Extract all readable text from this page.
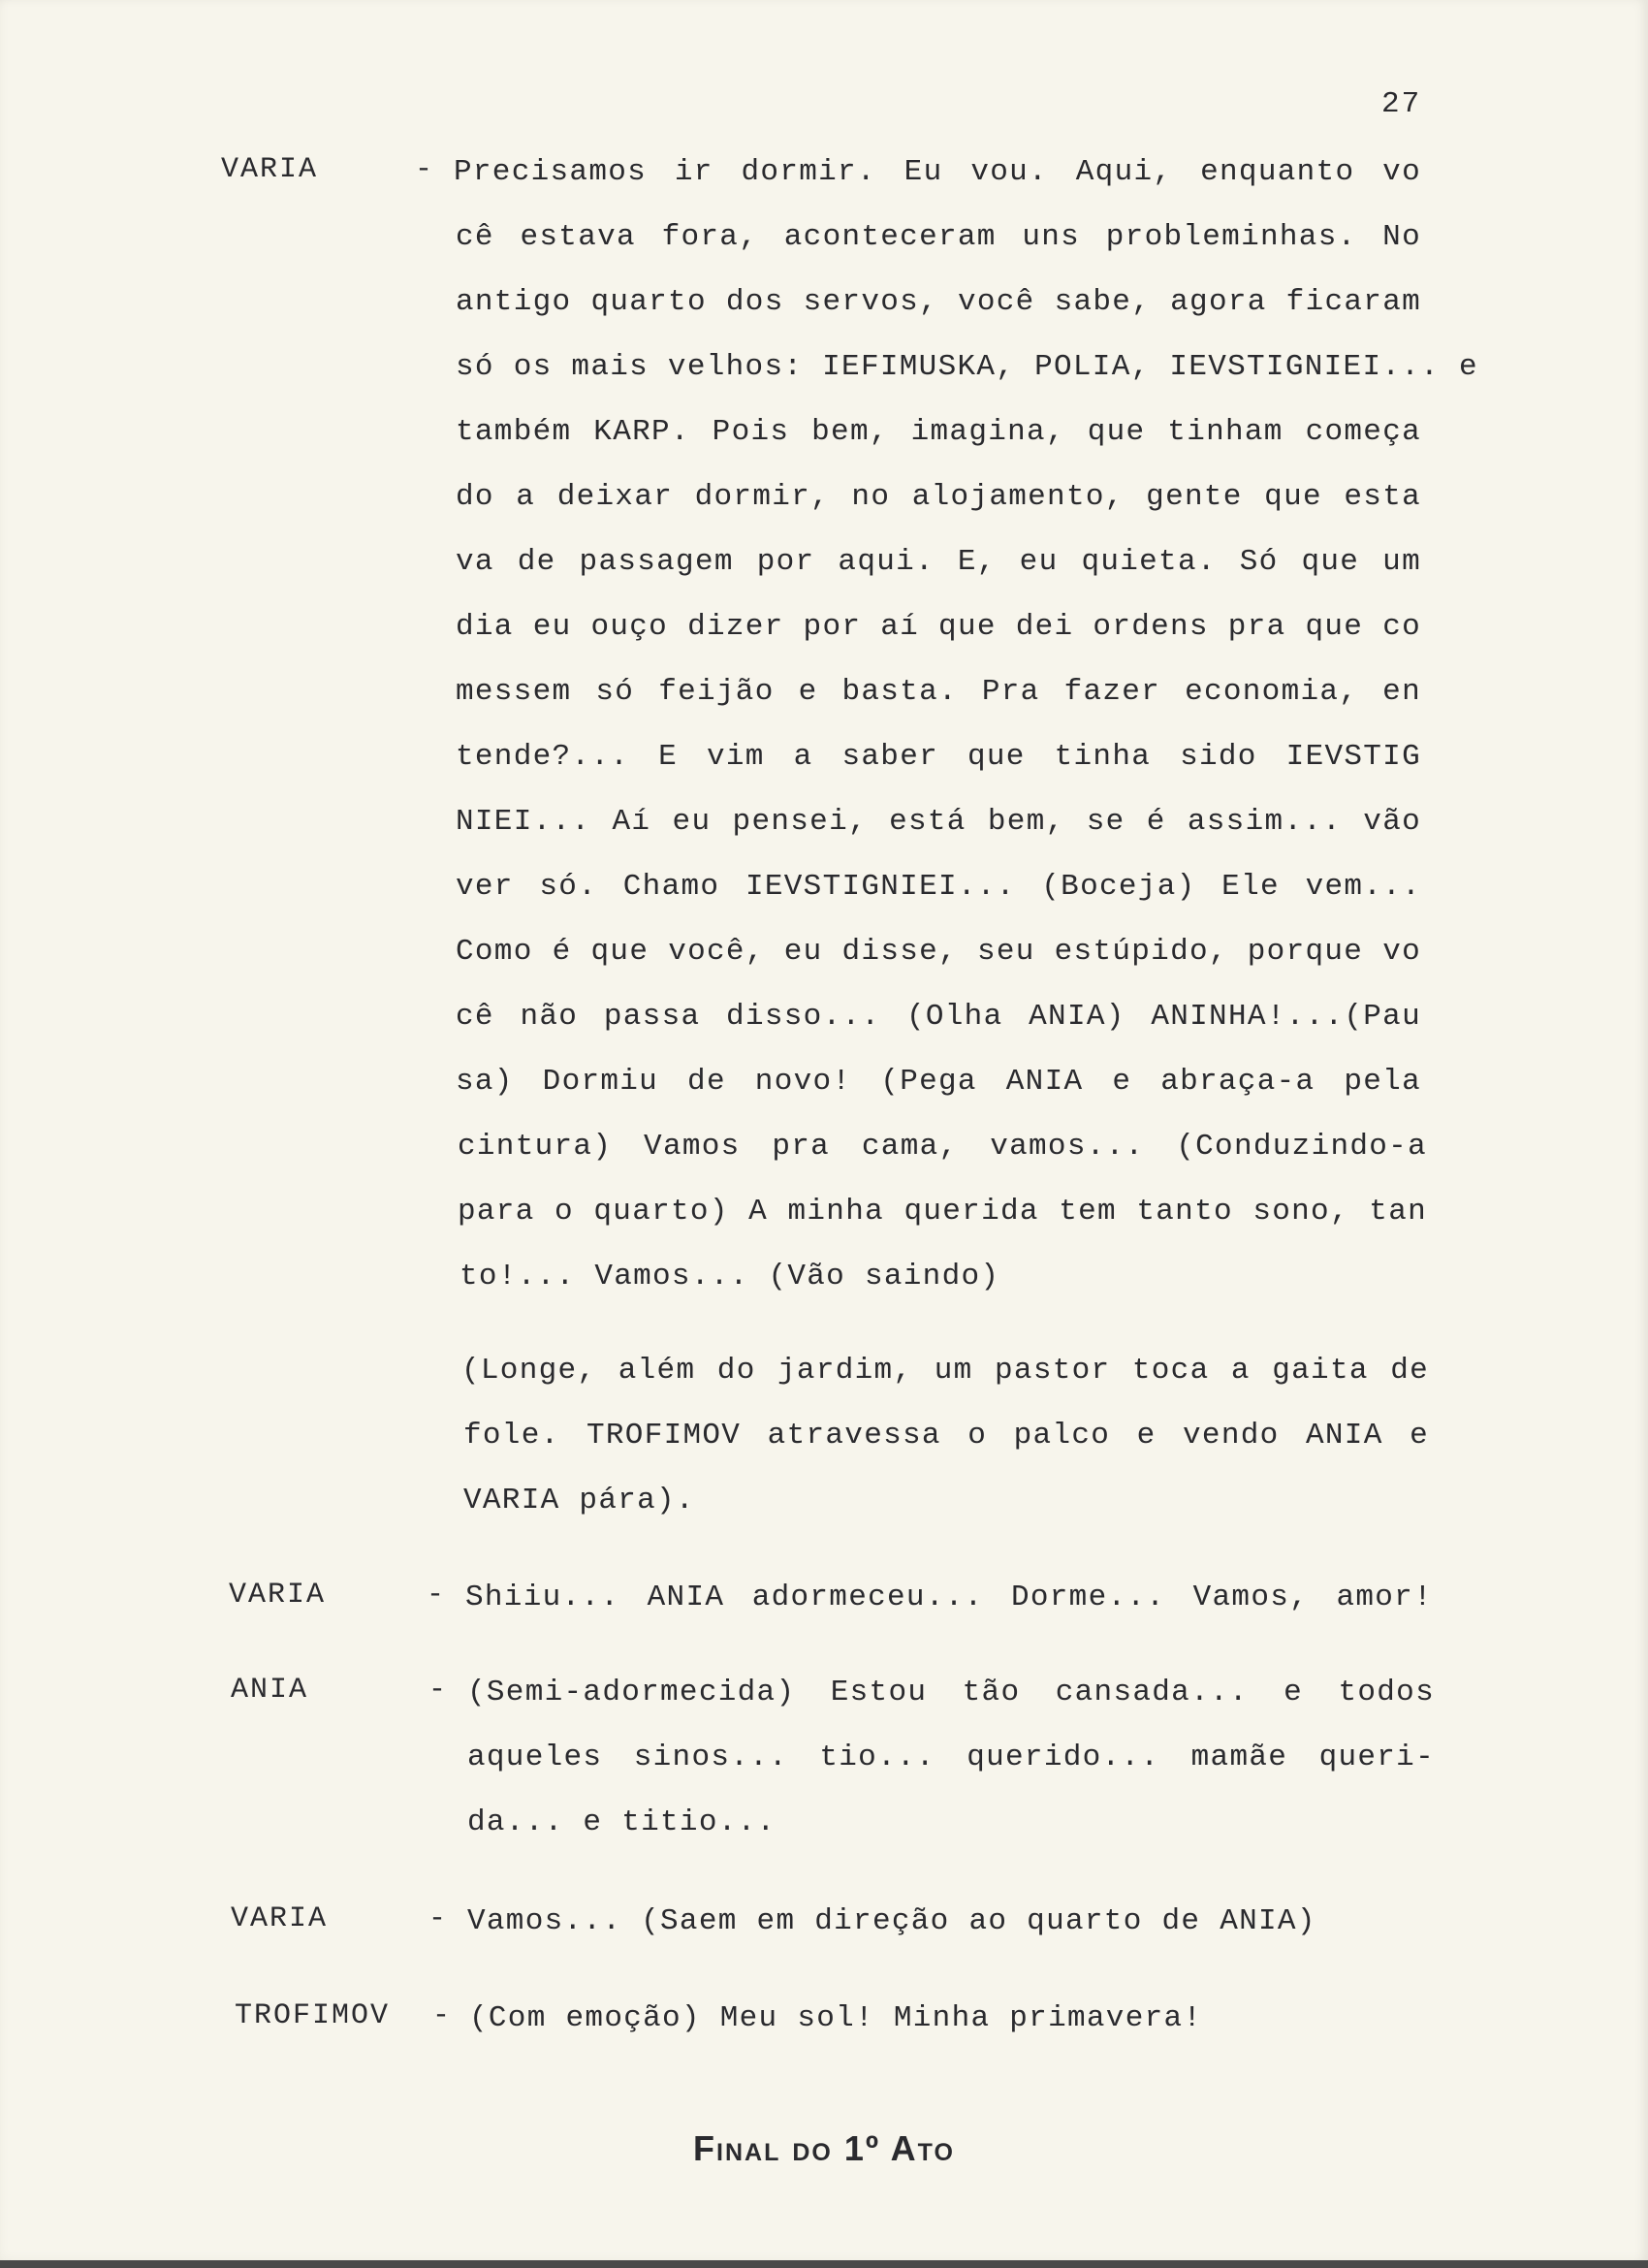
27
VARIA	- Precisamos ir dormir. Eu vou. Aqui, enquanto vo
cê estava fora, aconteceram uns probleminhas. No
antigo quarto dos servos, você sabe, agora ficaram
só os mais velhos: IEFIMUSKA, POLIA, IEVSTIGNIEI... e
também KARP. Pois bem, imagina, que tinham começa
do a deixar dormir, no alojamento, gente que esta
va de passagem por aqui. E, eu quieta. Só que um
dia eu ouço dizer por aí que dei ordens pra que co
messem só feijão e basta. Pra fazer economia, en
tende?... E vim a saber que tinha sido IEVSTIG
NIEI... Aí eu pensei, está bem, se é assim... vão
ver só. Chamo IEVSTIGNIEI... (Boceja) Ele vem...
Como é que você, eu disse, seu estúpido, porque vo
cê não passa disso... (Olha ANIA) ANINHA!...(Pau
sa) Dormiu de novo! (Pega ANIA e abraça-a pela
cintura) Vamos pra cama, vamos... (Conduzindo-a
para o quarto) A minha querida tem tanto sono, tan
to!... Vamos... (Vão saindo)
(Longe, além do jardim, um pastor toca a gaita de
fole. TROFIMOV atravessa o palco e vendo ANIA e
VARIA pára).
VARIA	- Shiiu... ANIA adormeceu... Dorme... Vamos, amor!
ANIA	- (Semi-adormecida) Estou tão cansada... e todos
aqueles sinos... tio... querido... mamãe queri-
da... e titio...
VARIA	- Vamos... (Saem em direção ao quarto de ANIA)
TROFIMOV - (Com emoção) Meu sol! Minha primavera!
Final do 1º Ato
